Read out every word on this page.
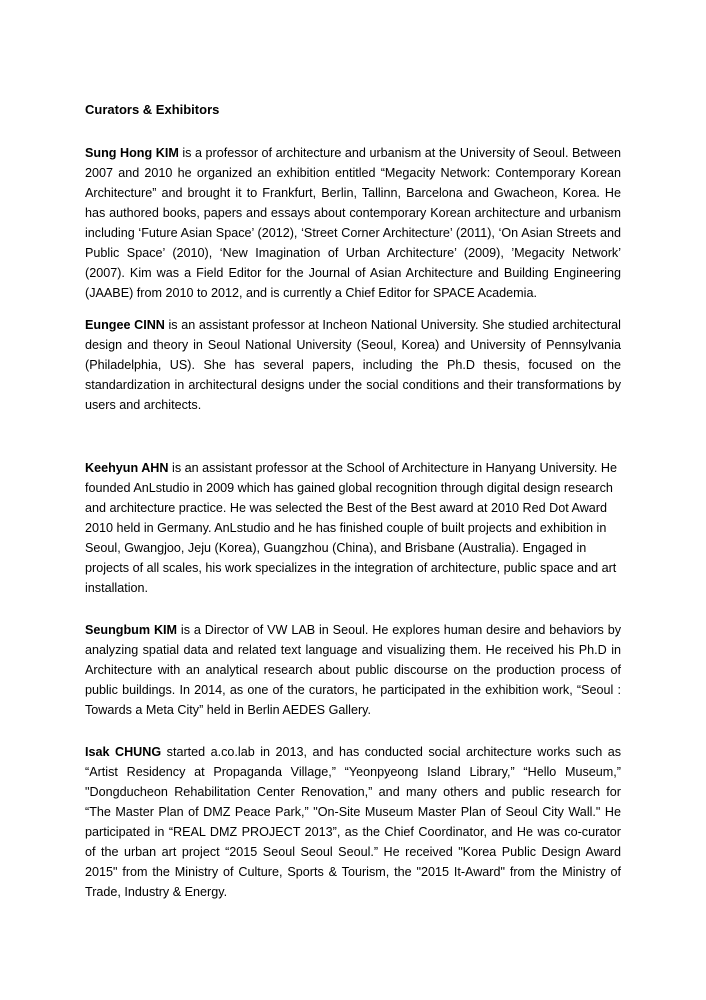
Curators & Exhibitors

Sung Hong KIM is a professor of architecture and urbanism at the University of Seoul. Between 2007 and 2010 he organized an exhibition entitled “Megacity Network: Contemporary Korean Architecture” and brought it to Frankfurt, Berlin, Tallinn, Barcelona and Gwacheon, Korea. He has authored books, papers and essays about contemporary Korean architecture and urbanism including ‘Future Asian Space’ (2012), ‘Street Corner Architecture’ (2011), ‘On Asian Streets and Public Space’ (2010), ‘New Imagination of Urban Architecture’ (2009), ’Megacity Network’ (2007). Kim was a Field Editor for the Journal of Asian Architecture and Building Engineering (JAABE) from 2010 to 2012, and is currently a Chief Editor for SPACE Academia.

Eungee CINN is an assistant professor at Incheon National University. She studied architectural design and theory in Seoul National University (Seoul, Korea) and University of Pennsylvania (Philadelphia, US). She has several papers, including the Ph.D thesis, focused on the standardization in architectural designs under the social conditions and their transformations by users and architects.

Keehyun AHN is an assistant professor at the School of Architecture in Hanyang University. He founded AnLstudio in 2009 which has gained global recognition through digital design research and architecture practice. He was selected the Best of the Best award at 2010 Red Dot Award 2010 held in Germany. AnLstudio and he has finished couple of built projects and exhibition in Seoul, Gwangjoo, Jeju (Korea), Guangzhou (China), and Brisbane (Australia). Engaged in projects of all scales, his work specializes in the integration of architecture, public space and art installation.

Seungbum KIM is a Director of VW LAB in Seoul. He explores human desire and behaviors by analyzing spatial data and related text language and visualizing them. He received his Ph.D in Architecture with an analytical research about public discourse on the production process of public buildings. In 2014, as one of the curators, he participated in the exhibition work, “Seoul : Towards a Meta City” held in Berlin AEDES Gallery.

Isak CHUNG started a.co.lab in 2013, and has conducted social architecture works such as “Artist Residency at Propaganda Village,” “Yeonpyeong Island Library,” “Hello Museum,” "Dongducheon Rehabilitation Center Renovation,” and many others and public research for “The Master Plan of DMZ Peace Park,” "On-Site Museum Master Plan of Seoul City Wall." He participated in “REAL DMZ PROJECT 2013”, as the Chief Coordinator, and He was co-curator of the urban art project “2015 Seoul Seoul Seoul.” He received "Korea Public Design Award 2015" from the Ministry of Culture, Sports & Tourism, the "2015 It-Award" from the Ministry of Trade, Industry & Energy.
